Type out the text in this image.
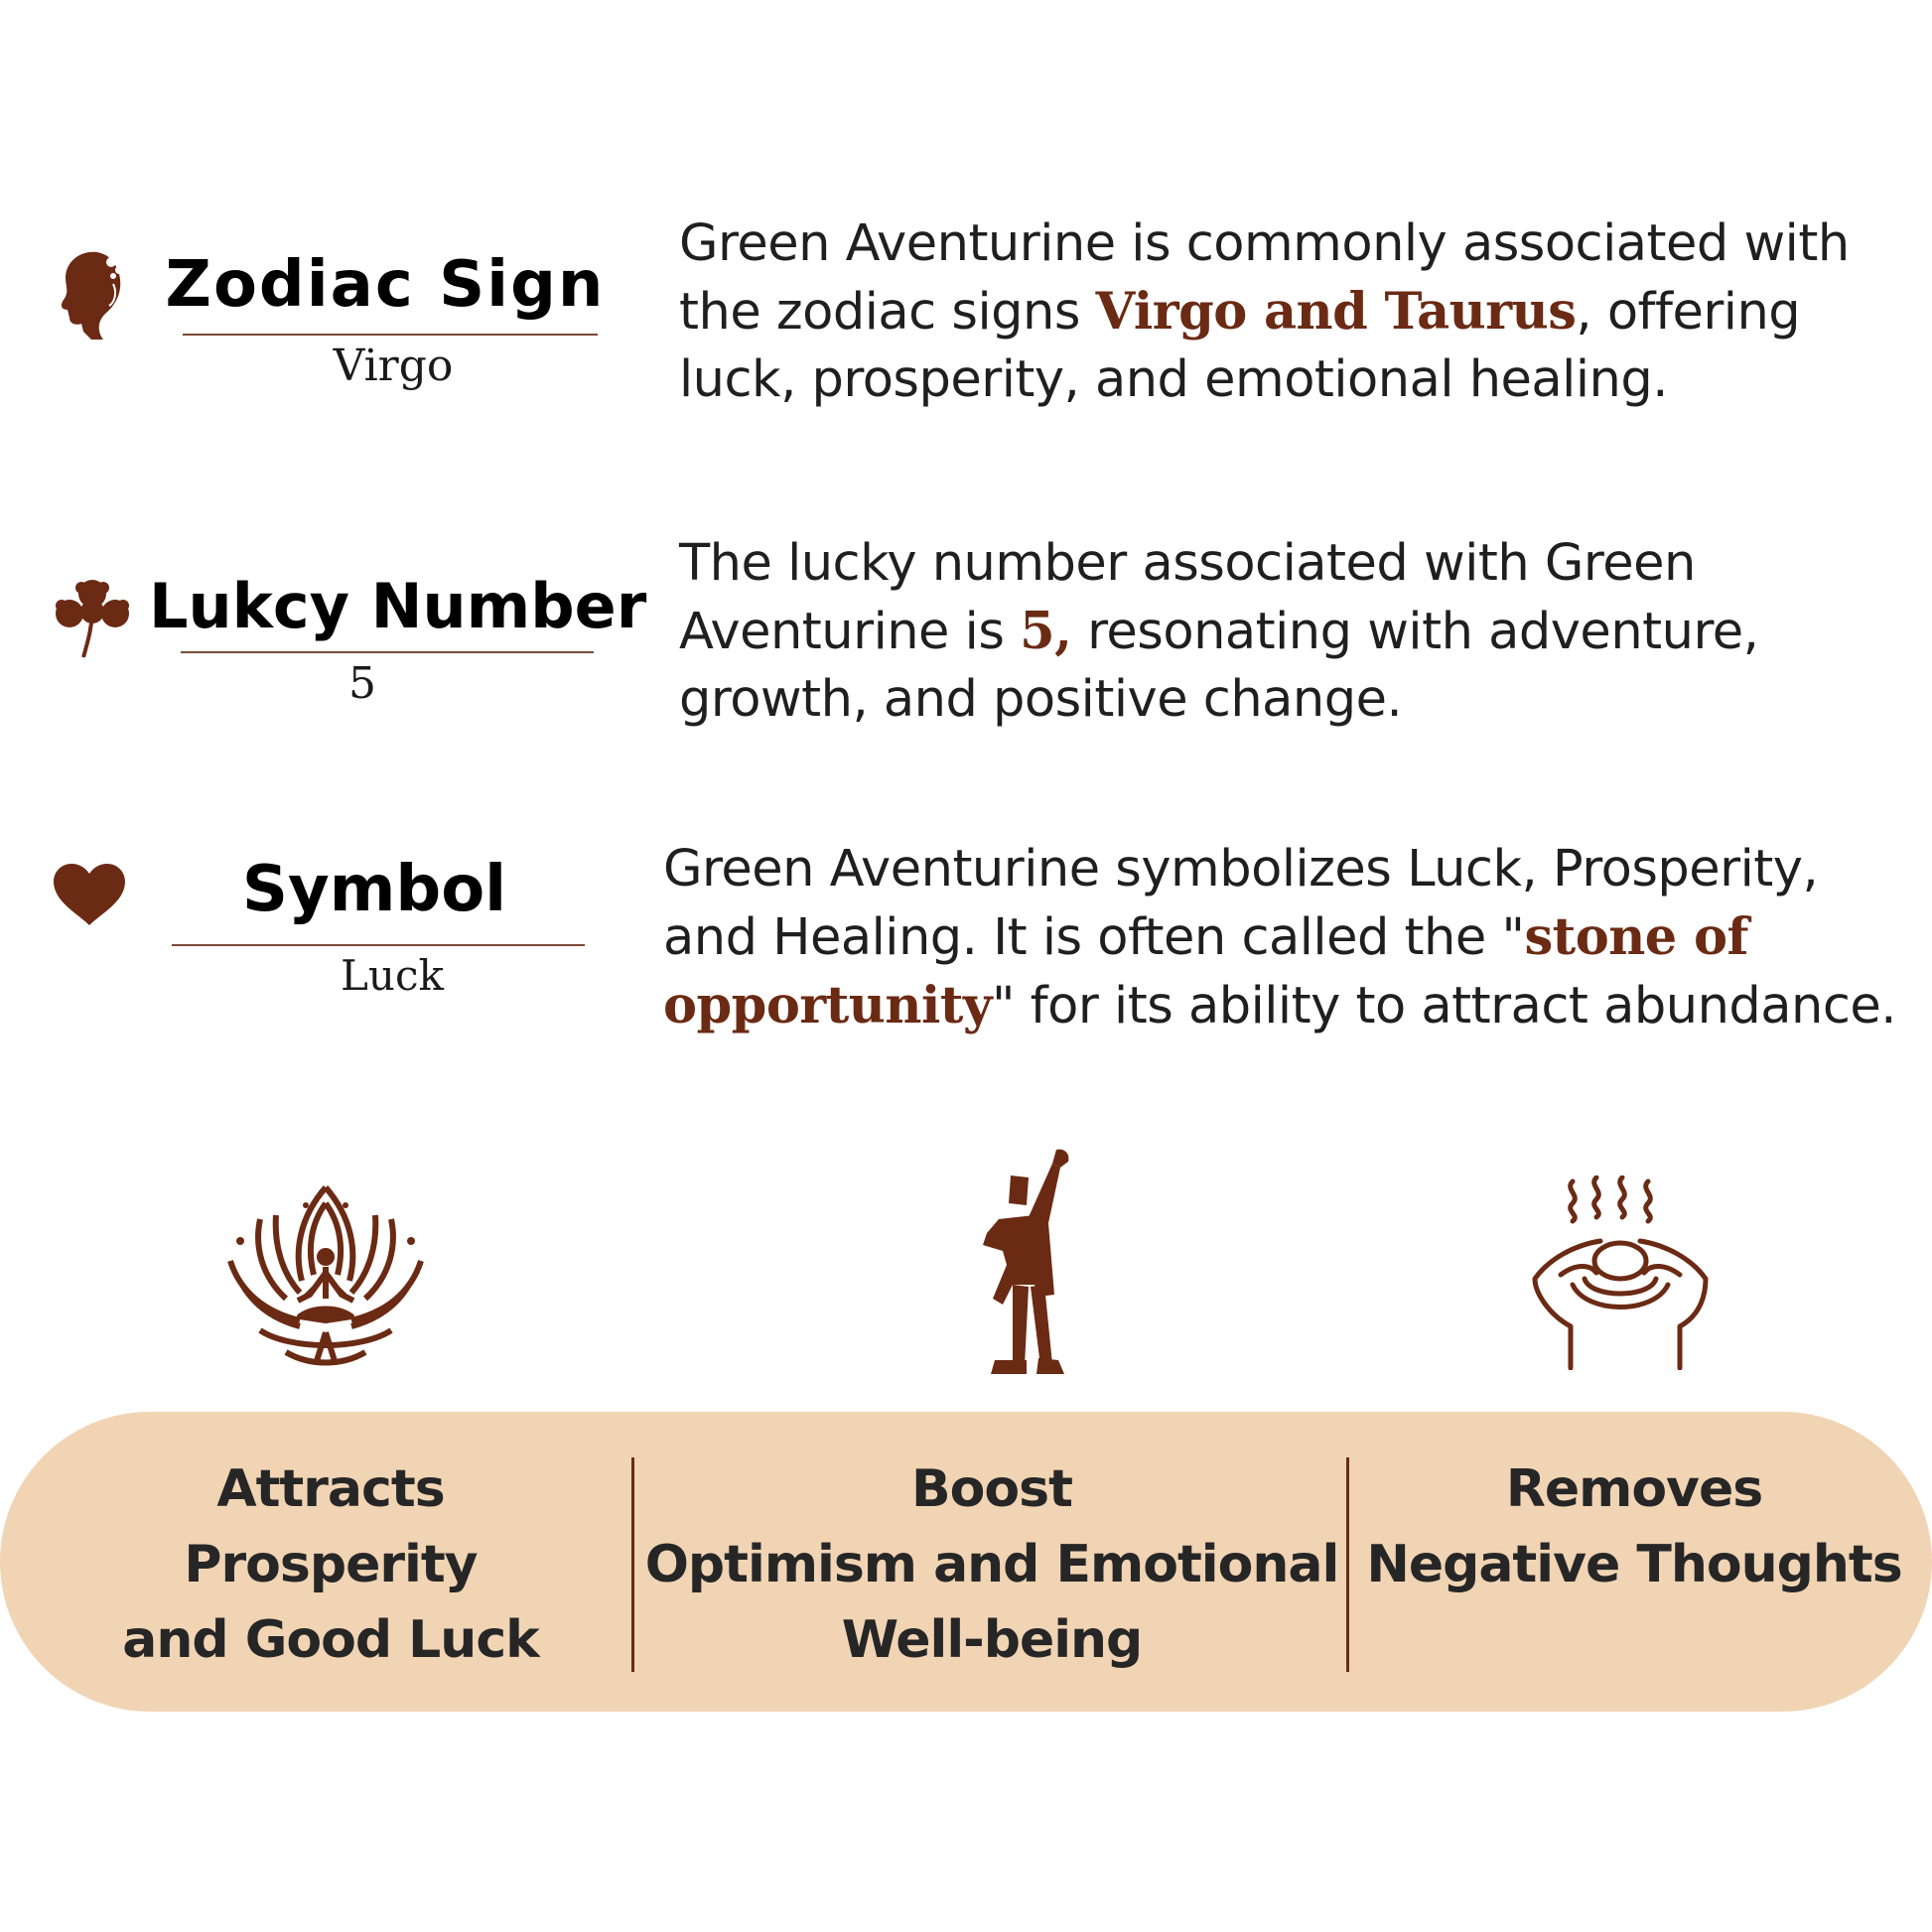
Zodiac Sign
Virgo
Green Aventurine is commonly associated with the zodiac signs Virgo and Taurus, offering luck, prosperity, and emotional healing.
Lukcy Number
5
The lucky number associated with Green Aventurine is 5, resonating with adventure, growth, and positive change.
Symbol
Luck
Green Aventurine symbolizes Luck, Prosperity, and Healing. It is often called the "stone of opportunity" for its ability to attract abundance.
Attracts
Prosperity
and Good Luck
Boost
Optimism and Emotional
Well-being
Removes
Negative Thoughts
